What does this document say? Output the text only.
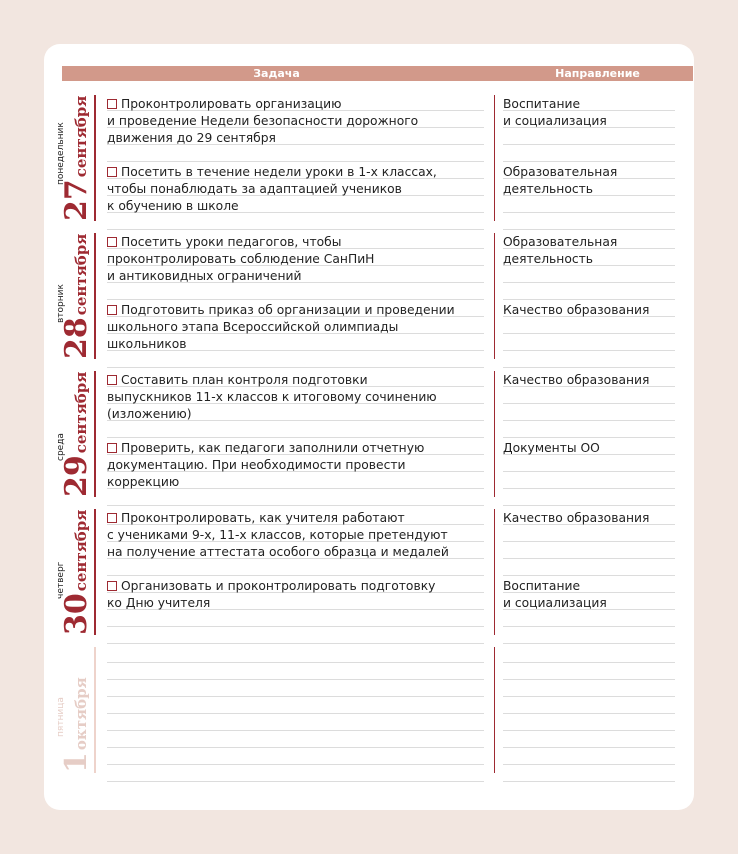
Задача	Направление
27сентября
понедельник
Проконтролировать организацию
и проведение Недели безопасности дорожного
движения до 29 сентября
Воспитание
и социализация
Посетить в течение недели уроки в 1-х классах,
чтобы понаблюдать за адаптацией учеников
к обучению в школе
Образовательная
деятельность
28сентября
вторник
Посетить уроки педагогов, чтобы
проконтролировать соблюдение СанПиН
и антиковидных ограничений
Образовательная
деятельность
Подготовить приказ об организации и проведении
школьного этапа Всероссийской олимпиады
школьников
Качество образования
29сентября
среда
Составить план контроля подготовки
выпускников 11-х классов к итоговому сочинению
(изложению)
Качество образования
Проверить, как педагоги заполнили отчетную
документацию. При необходимости провести
коррекцию
Документы ОО
30сентября
четверг
Проконтролировать, как учителя работают
с учениками 9-х, 11-х классов, которые претендуют
на получение аттестата особого образца и медалей
Качество образования
Организовать и проконтролировать подготовку
ко Дню учителя
Воспитание
и социализация
1октября
пятница
